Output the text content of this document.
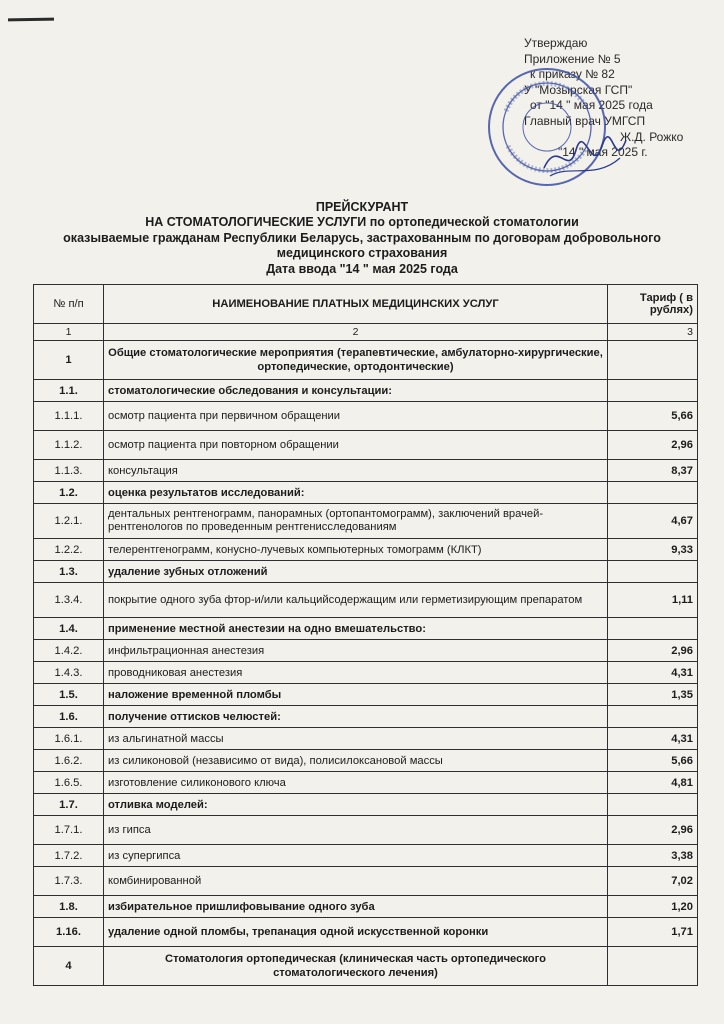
Утверждаю
Приложение № 5
к приказу № 82
У "Мозырская ГСП"
от "14 " мая 2025 года
Главный врач УМГСП
Ж.Д. Рожко
"14 " мая 2025 г.
ПРЕЙСКУРАНТ
НА СТОМАТОЛОГИЧЕСКИЕ УСЛУГИ по ортопедической стоматологии
оказываемые гражданам Республики Беларусь, застрахованным по договорам добровольного
медицинского страхования
Дата ввода "14 " мая 2025 года
№ п/п	НАИМЕНОВАНИЕ ПЛАТНЫХ МЕДИЦИНСКИХ УСЛУГ	Тариф ( в рублях)
1	2	3
1	Общие стоматологические мероприятия (терапевтические, амбулаторно-хирургические, ортопедические, ортодонтические)	
1.1.	стоматологические обследования и консультации:	
1.1.1.	осмотр пациента при первичном обращении	5,66
1.1.2.	осмотр пациента при повторном обращении	2,96
1.1.3.	консультация	8,37
1.2.	оценка результатов исследований:	
1.2.1.	дентальных рентгенограмм, панорамных (ортопантомограмм), заключений врачей-рентгенологов по проведенным рентгенисследованиям	4,67
1.2.2.	телерентгенограмм, конусно-лучевых компьютерных томограмм (КЛКТ)	9,33
1.3.	удаление зубных отложений	
1.3.4.	покрытие одного зуба фтор-и/или кальцийсодержащим или герметизирующим препаратом	1,11
1.4.	применение местной анестезии на одно вмешательство:	
1.4.2.	инфильтрационная анестезия	2,96
1.4.3.	проводниковая анестезия	4,31
1.5.	наложение временной пломбы	1,35
1.6.	получение оттисков челюстей:	
1.6.1.	из альгинатной массы	4,31
1.6.2.	из силиконовой (независимо от вида), полисилоксановой массы	5,66
1.6.5.	изготовление силиконового ключа	4,81
1.7.	отливка моделей:	
1.7.1.	из гипса	2,96
1.7.2.	из супергипса	3,38
1.7.3.	комбинированной	7,02
1.8.	избирательное пришлифовывание одного зуба	1,20
1.16.	удаление одной пломбы, трепанация одной искусственной коронки	1,71
4	Стоматология ортопедическая (клиническая часть ортопедического стоматологического лечения)	
